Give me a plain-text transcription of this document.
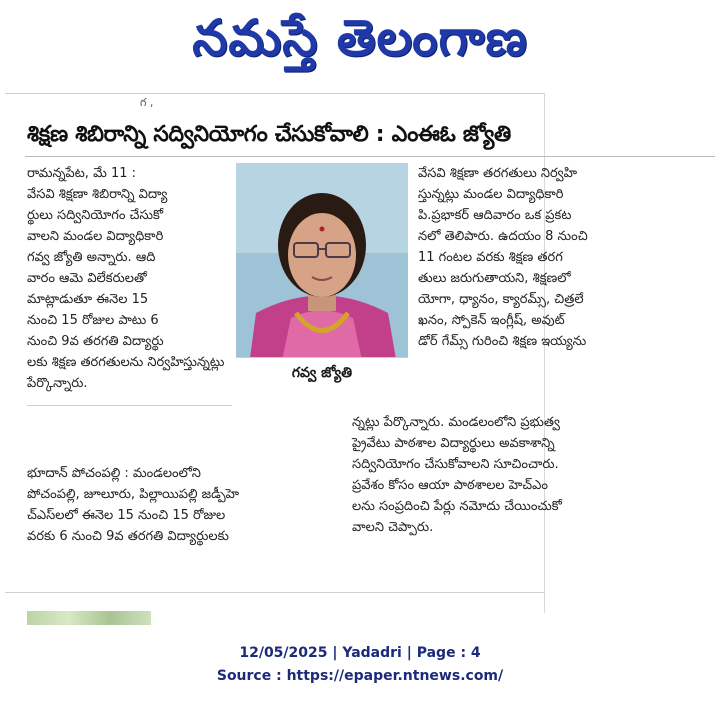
నమస్తే తెలంగాణ
గ ,
శిక్షణ శిబిరాన్ని సద్వినియోగం చేసుకోవాలి : ఎంఈఓ జ్యోతి

రామన్నపేట, మే 11 :

వేసవి శిక్షణా శిబిరాన్ని విద్యా

ర్థులు సద్వినియోగం చేసుకో

వాలని మండల విద్యాధికారి

గవ్వ జ్యోతి అన్నారు. ఆది

వారం ఆమె విలేకరులతో

మాట్లాడుతూ ఈనెల 15

నుంచి 15 రోజుల పాటు 6

నుంచి 9వ తరగతి విద్యార్థు

లకు శిక్షణ తరగతులను నిర్వహిస్తున్నట్లు

పేర్కొన్నారు.

భూదాన్ పోచంపల్లి : మండలంలోని

పోచంపల్లి, జూలూరు, పిల్లాయిపల్లి జడ్పీహె

చ్ఎస్‌లలో ఈనెల 15 నుంచి 15 రోజుల

వరకు 6 నుంచి 9వ తరగతి విద్యార్థులకు

గవ్వ జ్యోతి

వేసవి శిక్షణా తరగతులు నిర్వహి

స్తున్నట్లు మండల విద్యాధికారి

పి.ప్రభాకర్ ఆదివారం ఒక ప్రకట

నలో తెలిపారు. ఉదయం 8 నుంచి

11 గంటల వరకు శిక్షణ తరగ

తులు జరుగుతాయని, శిక్షణలో

యోగా, ధ్యానం, క్యారమ్స్, చిత్రలే

ఖనం, స్పోకెన్ ఇంగ్లీష్, అవుట్

డోర్ గేమ్స్ గురించి శిక్షణ ఇయ్యను

న్నట్లు పేర్కొన్నారు. మండలంలోని ప్రభుత్వ

ప్రైవేటు పాఠశాల విద్యార్థులు అవకాశాన్ని

సద్వినియోగం చేసుకోవాలని సూచించారు.

ప్రవేశం కోసం ఆయా పాఠశాలల హెచ్ఎం

లను సంప్రదించి పేర్లు నమోదు చేయించుకో

వాలని చెప్పారు.

12/05/2025 | Yadadri | Page : 4
Source : https://epaper.ntnews.com/
